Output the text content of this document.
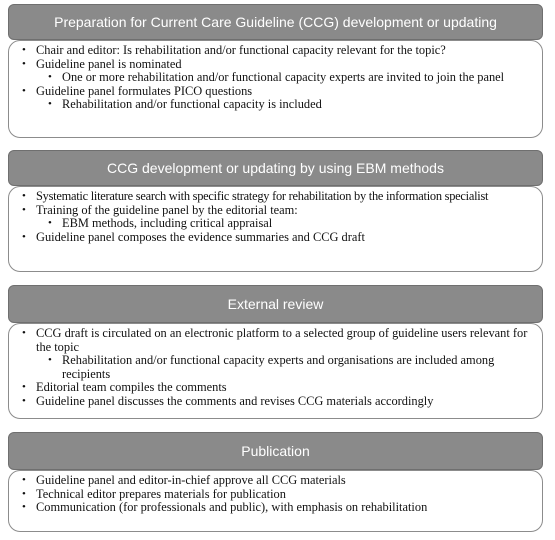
Preparation for Current Care Guideline (CCG) development or updating
• Chair and editor: Is rehabilitation and/or functional capacity relevant for the topic?
• Guideline panel is nominated
• One or more rehabilitation and/or functional capacity experts are invited to join the panel
• Guideline panel formulates PICO questions
• Rehabilitation and/or functional capacity is included
CCG development or updating by using EBM methods
• Systematic literature search with specific strategy for rehabilitation by the information specialist
• Training of the guideline panel by the editorial team:
• EBM methods, including critical appraisal
• Guideline panel composes the evidence summaries and CCG draft
External review
• CCG draft is circulated on an electronic platform to a selected group of guideline users relevant for the topic
• Rehabilitation and/or functional capacity experts and organisations are included among recipients
• Editorial team compiles the comments
• Guideline panel discusses the comments and revises CCG materials accordingly
Publication
• Guideline panel and editor-in-chief approve all CCG materials
• Technical editor prepares materials for publication
• Communication (for professionals and public), with emphasis on rehabilitation
